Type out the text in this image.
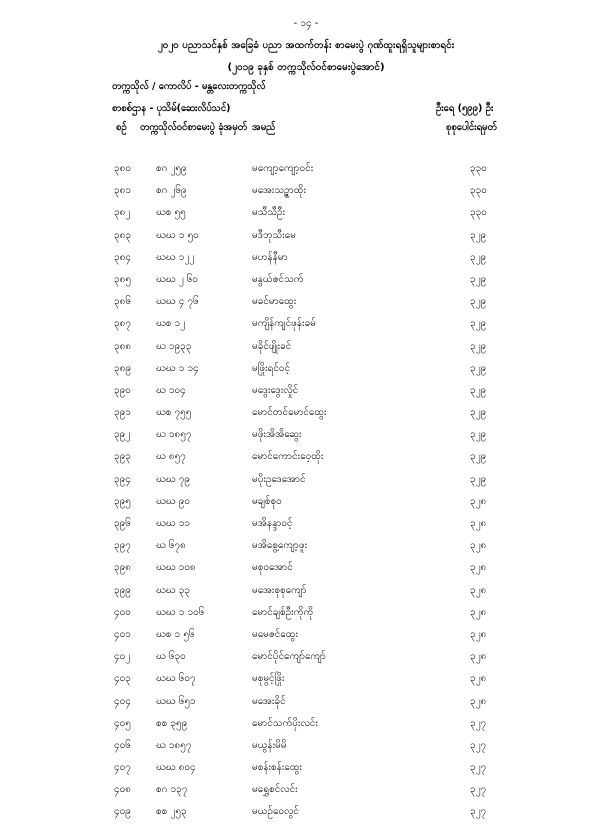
- ၁၄ -
၂၀၂၀ ပညာသင်နှစ် အခြေခံ ပညာ အထက်တန်း စာမေးပွဲ ဂုဏ်ထူးရရှိသူများစာရင်း
(၂၀၁၉ ခုနှစ် တက္ကသိုလ်ဝင်စာမေးပွဲအောင်)
တက္ကသိုလ် / ကောလိပ် - မန္တလေးတက္ကသိုလ်
စာစစ်ဌာန - ပုသိမ်(ဆေးလိပ်သင်)	ဦးရေ (၅၉၉) ဦး
စဉ် တက္ကသိုလ်ဝင်စာမေးပွဲ ခုံအမှတ် အမည်	စုစုပေါင်းရမှတ်
၃၈၀	စဂ ၂၅၉	မကျော့ကျော့ဝင်း	၃၃၀
၃၈၁	စဂ ၂၆၉	မအေးသဉ္ဇာထိုး	၃၃၀
၃၈၂	ဃစ ၅၅	မသီသီဦး	၃၃၀
၃၈၃	ဃဃ ၁ ၅၀	မဒီဘုသီးမေ	၃၂၉
၃၈၄	ဃဃ ၁၂၂	မဟန်နီမာ	၃၂၉
၃၈၅	ဃဃ ၂ ၆၀	မနွယ်ဇင်သက်	၃၂၉
၃၈၆	ဃဃ ၄ ၇၆	မခင်မာထွေး	၃၂၉
၃၈၇	ဃစ ၁၂	မကျိန်ကျင်ဖုန်းခမ်	၃၂၉
၃၈၈	ဃ ၁၉၃၃	မခိုင်ဖျိုးခင်	၃၂၉
၃၈၉	ဃဃ ၁ ၁၄	မဖြိုးရင်ဝင့်	၃၂၉
၃၉၀	ဃ ၁၀၄	မဒွေးဒွေးလှိုင်	၃၂၉
၃၉၁	ဃစ ၇၅၅	မောင်တင်မောင်ထွေး	၃၂၉
၃၉၂	ဃ ၁၈၅၇	မဖိုးအိအိဆွေး	၃၂၉
၃၉၃	ဃ ၈၅၇	မောင်ကောင်းဝေ့ထိုး	၃၂၉
၃၉၄	ဃဃ ၇၉	မပိုးဥဒေအောင်	၃၂၉
၃၉၅	ဃဃ ၉၀	မချစ်စုဝ	၃၂၈
၃၉၆	ဃဃ ၁၁	မအိနန္ဒာဝင့်	၃၂၈
၃၉၇	ဃ ၆၇၈	မအိစွေ့ကျော့ဖူး	၃၂၈
၃၉၈	ဃဃ ၁၀၈	မစုဝအောင်	၃၂၈
၃၉၉	ဃဃ ၃၃	မအေးစုစုကျော်	၃၂၈
၄၀၀	ဃဃ ၁ ၁၀၆	မောင်ချစ်ဦးကိုကို	၃၂၈
၄၀၁	ဃစ ၁ ၅၆	မမေဇင်ထွေး	၃၂၈
၄၀၂	ဃ ၆၃၀	မောင်ပိုင်ကျော်ကျော်	၃၂၈
၄၀၃	ဃဃ ၆၀၇	မစုမွင့်ဖြိုး	၃၂၈
၄၀၄	ဃဃ ၆၅၁	မအေးခိုင်	၃၂၈
၄၀၅	စစ ၃၅၉	မောင်သက်ပိုးလင်း	၃၂၇
၄၀၆	ဃ ၁၈၅၇	မယွန်းမိမိ	၃၂၇
၄၀၇	ဃဃ ၈၀၄	မစန်းစန်းထွေး	၃၂၇
၄၀၈	စဂ ၁၃၇	မရွှေစင်လင်း	၃၂၇
၄၀၉	စစ ၂၅၃	မယဉ်ဝေလွင်	၃၂၇
